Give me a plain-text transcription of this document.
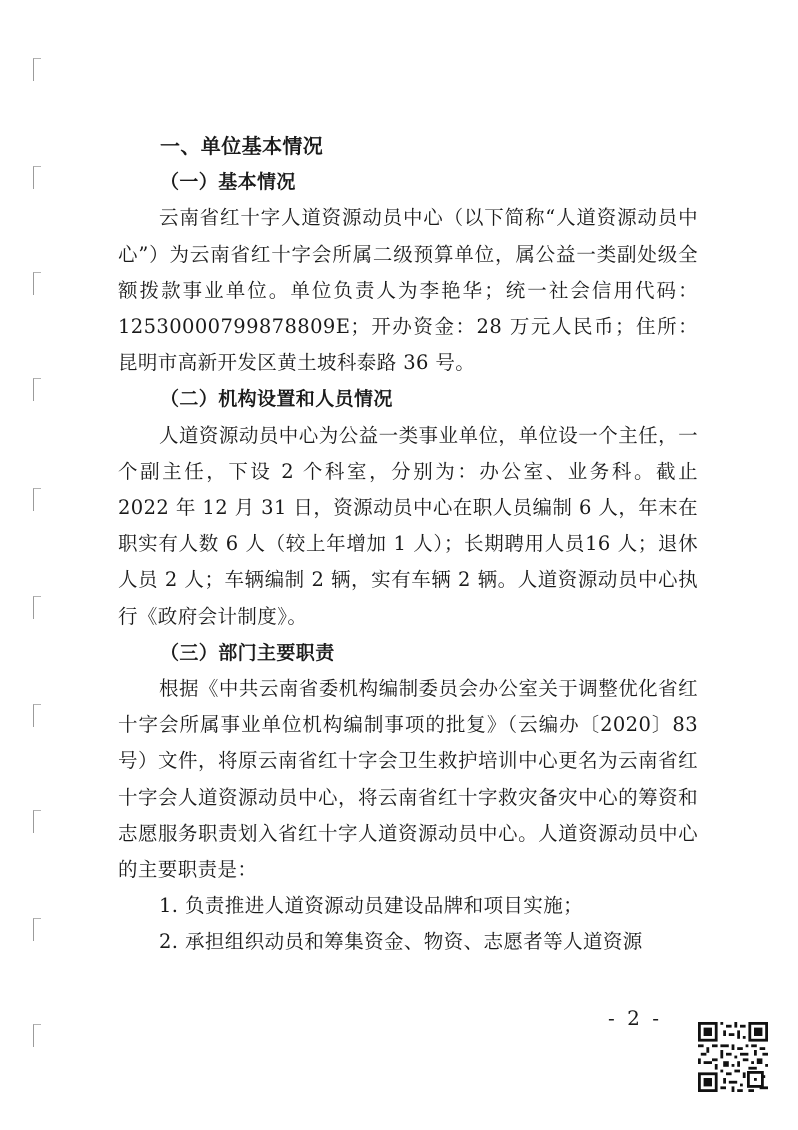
一、单位基本情况
（一）基本情况

云南省红十字人道资源动员中心（以下简称“人道资源动员中心”）为云南省红十字会所属二级预算单位，属公益一类副处级全额拨款事业单位。单位负责人为李艳华；统一社会信用代码：12530000799878809E；开办资金：28 万元人民币；住所：昆明市高新开发区黄土坡科泰路 36 号。

（二）机构设置和人员情况

人道资源动员中心为公益一类事业单位，单位设一个主任，一个副主任，下设 2 个科室，分别为：办公室、业务科。截止 2022 年 12 月 31 日，资源动员中心在职人员编制 6 人，年末在职实有人数 6 人（较上年增加 1 人）；长期聘用人员16 人；退休人员 2 人；车辆编制 2 辆，实有车辆 2 辆。人道资源动员中心执行《政府会计制度》。

（三）部门主要职责

根据《中共云南省委机构编制委员会办公室关于调整优化省红十字会所属事业单位机构编制事项的批复》（云编办〔2020〕83 号）文件，将原云南省红十字会卫生救护培训中心更名为云南省红十字会人道资源动员中心，将云南省红十字救灾备灾中心的筹资和志愿服务职责划入省红十字人道资源动员中心。人道资源动员中心的主要职责是：

1. 负责推进人道资源动员建设品牌和项目实施；

2. 承担组织动员和筹集资金、物资、志愿者等人道资源

- 2 -
